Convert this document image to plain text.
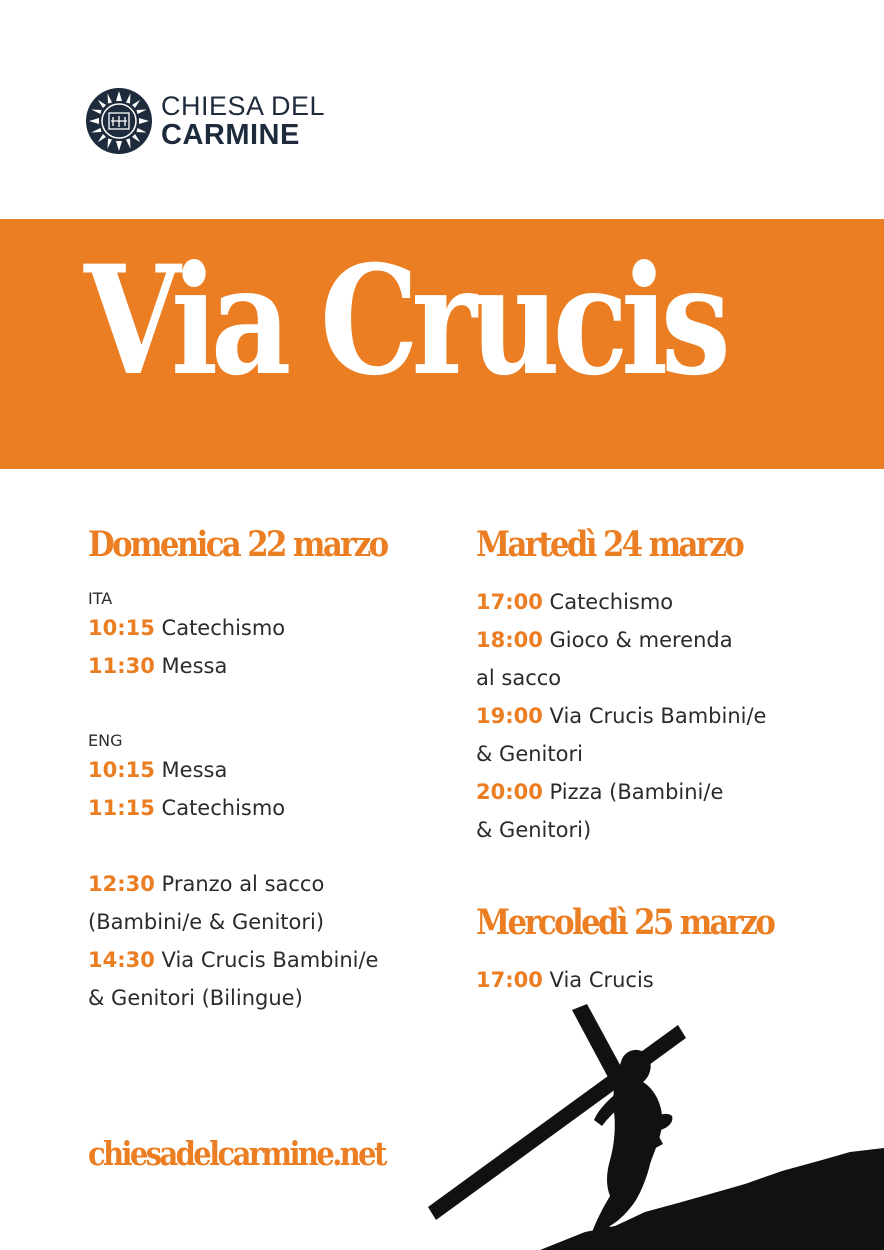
CHIESA DEL
CARMINE
Via Crucis
Domenica 22 marzo
ITA
10:15 Catechismo
11:30 Messa
ENG
10:15 Messa
11:15 Catechismo
12:30 Pranzo al sacco
(Bambini/e & Genitori)
14:30 Via Crucis Bambini/e
& Genitori (Bilingue)
Martedì 24 marzo
17:00 Catechismo
18:00 Gioco & merenda
al sacco
19:00 Via Crucis Bambini/e
& Genitori
20:00 Pizza (Bambini/e
& Genitori)
Mercoledì 25 marzo
17:00 Via Crucis
chiesadelcarmine.net
